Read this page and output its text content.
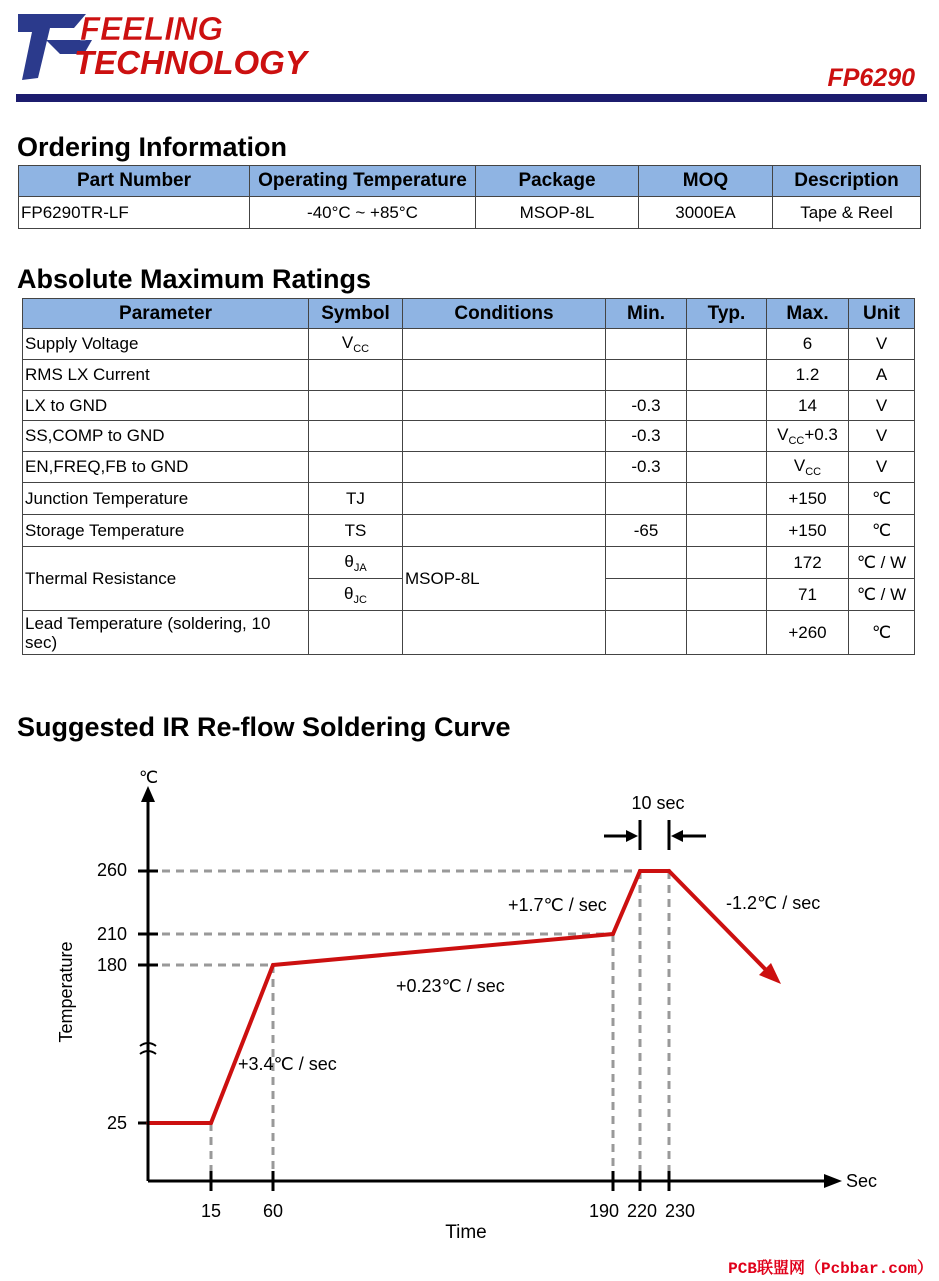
FEELING
TECHNOLOGY	FP6290
Ordering Information
Part Number	Operating Temperature	Package	MOQ	Description
FP6290TR-LF	-40°C ~ +85°C	MSOP-8L	3000EA	Tape & Reel
Absolute Maximum Ratings
Parameter	Symbol	Conditions	Min.	Typ.	Max.	Unit
Supply Voltage	$V_{CC}$				6	V
RMS LX Current					1.2	A
LX to GND			-0.3		14	V
SS,COMP to GND			-0.3		$V_{CC}+0.3$	V
EN,FREQ,FB to GND			-0.3		$V_{CC}$	V
Junction Temperature	TJ				+150	℃
Storage Temperature	TS		-65		+150	℃
Thermal Resistance	$\theta_{JA}$	MSOP-8L			172	℃ / W
	$\theta_{JC}$				71	℃ / W
Lead Temperature (soldering, 10 sec)					+260	℃
Suggested IR Re-flow Soldering Curve
℃
Sec
Time
Temperature
260
210
180
25
15 60	190 220 230
+3.4℃ / sec
+0.23℃ / sec
+1.7℃ / sec	-1.2℃ / sec
10 sec
PCB联盟网（Pcbbar.com）
